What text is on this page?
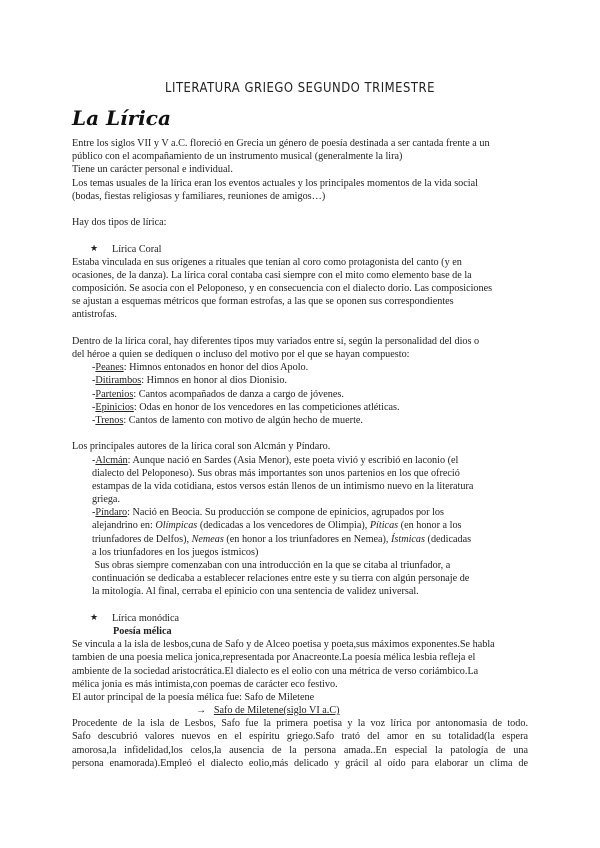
LITERATURA GRIEGO SEGUNDO TRIMESTRE
La Lírica
Entre los siglos VII y V a.C. floreció en Grecia un género de poesía destinada a ser cantada frente a un
público con el acompañamiento de un instrumento musical (generalmente la lira)
Tiene un carácter personal e individual.
Los temas usuales de la lírica eran los eventos actuales y los principales momentos de la vida social
(bodas, fiestas religiosas y familiares, reuniones de amigos…)
Hay dos tipos de lírica:
★ Lírica Coral
Estaba vinculada en sus orígenes a rituales que tenían al coro como protagonista del canto (y en
ocasiones, de la danza). La lírica coral contaba casi siempre con el mito como elemento base de la
composición. Se asocia con el Peloponeso, y en consecuencia con el dialecto dorio. Las composiciones
se ajustan a esquemas métricos que forman estrofas, a las que se oponen sus correspondientes
antistrofas.
Dentro de la lírica coral, hay diferentes tipos muy variados entre sí, según la personalidad del dios o
del héroe a quien se dediquen o incluso del motivo por el que se hayan compuesto:
-Peanes: Himnos entonados en honor del dios Apolo.
-Ditirambos: Himnos en honor al dios Dionisio.
-Partenios: Cantos acompañados de danza a cargo de jóvenes.
-Epinicios: Odas en honor de los vencedores en las competiciones atléticas.
-Trenos: Cantos de lamento con motivo de algún hecho de muerte.
Los principales autores de la lírica coral son Alcmán y Píndaro.
-Alcmán: Aunque nació en Sardes (Asia Menor), este poeta vivió y escribió en laconio (el
dialecto del Peloponeso). Sus obras más importantes son unos partenios en los que ofreció
estampas de la vida cotidiana, estos versos están llenos de un intimismo nuevo en la literatura
griega.
-Píndaro: Nació en Beocia. Su producción se compone de epinicios, agrupados por los
alejandrino en: Olímpicas (dedicadas a los vencedores de Olimpia), Píticas (en honor a los
triunfadores de Delfos), Nemeas (en honor a los triunfadores en Nemea), Ístmicas (dedicadas
a los triunfadores en los juegos ístmicos)
Sus obras siempre comenzaban con una introducción en la que se citaba al triunfador, a
continuación se dedicaba a establecer relaciones entre este y su tierra con algún personaje de
la mitología. Al final, cerraba el epinicio con una sentencia de validez universal.
★ Lírica monódica
Poesía mélica
Se vincula a la isla de lesbos,cuna de Safo y de Alceo poetisa y poeta,sus máximos exponentes.Se habla
tambien de una poesia melica jonica,representada por Anacreonte.La poesía mélica lesbia refleja el
ambiente de la sociedad aristocrática.El dialecto es el eolio con una métrica de verso coriámbico.La
mélica jonia es más intimista,con poemas de carácter eco festivo.
El autor principal de la poesía mélica fue: Safo de Miletene
→ Safo de Miletene(siglo VI a.C)
Procedente de la isla de Lesbos, Safo fue la primera poetisa y la voz lírica por antonomasia de todo.
Safo descubrió valores nuevos en el espíritu griego.Safo trató del amor en su totalidad(la espera
amorosa,la infidelidad,los celos,la ausencia de la persona amada..En especial la patología de una
persona enamorada).Empleó el dialecto eolio,más delicado y grácil al oído para elaborar un clima de
